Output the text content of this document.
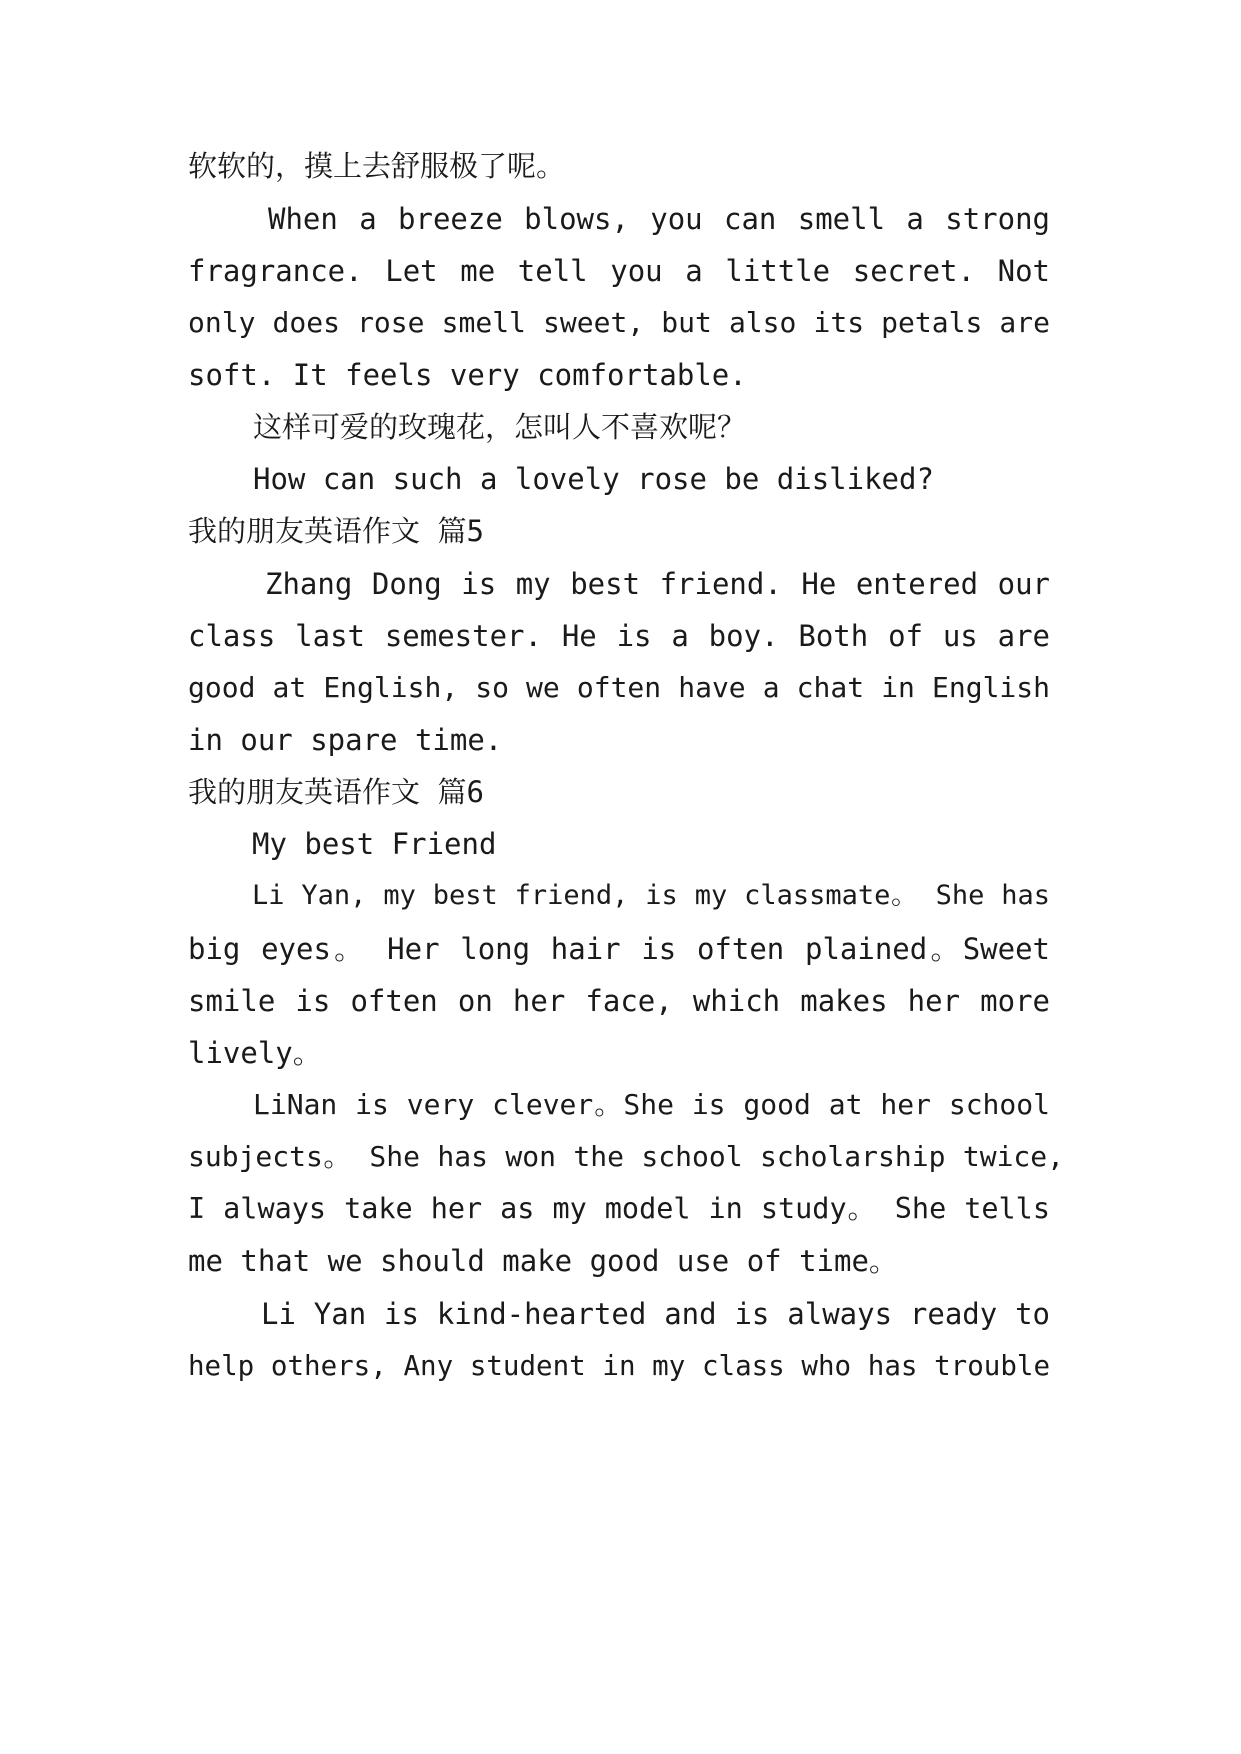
软软的，摸上去舒服极了呢。
When a breeze blows, you can smell a strong
fragrance. Let me tell you a little secret. Not
only does rose smell sweet, but also its petals are
soft. It feels very comfortable.
这样可爱的玫瑰花，怎叫人不喜欢呢？
How can such a lovely rose be disliked?
我的朋友英语作文 篇5
Zhang Dong is my best friend. He entered our
class last semester. He is a boy. Both of us are
good at English, so we often have a chat in English
in our spare time.
我的朋友英语作文 篇6
My best Friend
Li Yan, my best friend, is my classmate。 She has
big eyes。 Her long hair is often plained。Sweet
smile is often on her face, which makes her more
lively。
LiNan is very clever。She is good at her school
subjects。 She has won the school scholarship twice,
I always take her as my model in study。 She tells
me that we should make good use of time。
Li Yan is kind-hearted and is always ready to
help others, Any student in my class who has trouble
